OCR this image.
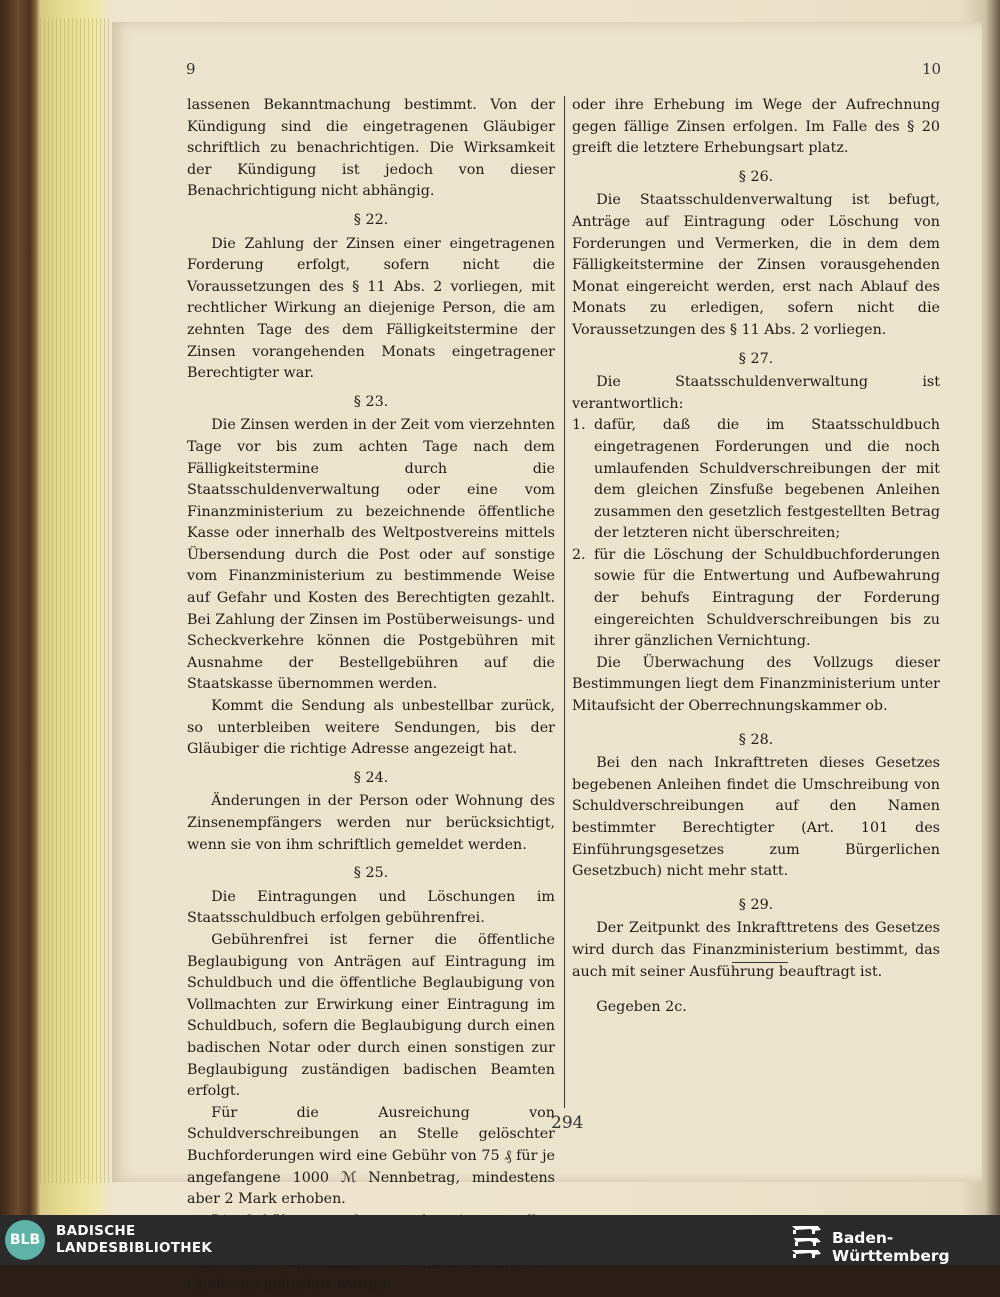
9	10

lassenen Bekanntmachung bestimmt. Von der Kündigung sind die eingetragenen Gläubiger schriftlich zu benachrichtigen. Die Wirksamkeit der Kündigung ist jedoch von dieser Benachrichtigung nicht abhängig.

§ 22.

Die Zahlung der Zinsen einer eingetragenen Forderung erfolgt, sofern nicht die Voraussetzungen des § 11 Abs. 2 vorliegen, mit rechtlicher Wirkung an diejenige Person, die am zehnten Tage des dem Fälligkeitstermine der Zinsen vorangehenden Monats eingetragener Berechtigter war.

§ 23.

Die Zinsen werden in der Zeit vom vierzehnten Tage vor bis zum achten Tage nach dem Fälligkeitstermine durch die Staatsschuldenverwaltung oder eine vom Finanzministerium zu bezeichnende öffentliche Kasse oder innerhalb des Weltpostvereins mittels Übersendung durch die Post oder auf sonstige vom Finanzministerium zu bestimmende Weise auf Gefahr und Kosten des Berechtigten gezahlt. Bei Zahlung der Zinsen im Postüberweisungs- und Scheckverkehre können die Postgebühren mit Ausnahme der Bestellgebühren auf die Staatskasse übernommen werden.

Kommt die Sendung als unbestellbar zurück, so unterbleiben weitere Sendungen, bis der Gläubiger die richtige Adresse angezeigt hat.

§ 24.

Änderungen in der Person oder Wohnung des Zinsenempfängers werden nur berücksichtigt, wenn sie von ihm schriftlich gemeldet werden.

§ 25.

Die Eintragungen und Löschungen im Staatsschuldbuch erfolgen gebührenfrei.

Gebührenfrei ist ferner die öffentliche Beglaubigung von Anträgen auf Eintragung im Schuldbuch und die öffentliche Beglaubigung von Vollmachten zur Erwirkung einer Eintragung im Schuldbuch, sofern die Beglaubigung durch einen badischen Notar oder durch einen sonstigen zur Beglaubigung zuständigen badischen Beamten erfolgt.

Für die Ausreichung von Schuldverschreibungen an Stelle gelöschter Buchforderungen wird eine Gebühr von 75 ₰ für je angefangene 1000 ℳ Nennbetrag, mindestens aber 2 Mark erhoben.

Gebühren gefordert werden

oder ihre Erhebung im Wege der Aufrechnung gegen fällige Zinsen erfolgen. Im Falle des § 20 greift die letztere Erhebungsart platz.

§ 26.

Die Staatsschuldenverwaltung ist befugt, Anträge auf Eintragung oder Löschung von Forderungen und Vermerken, die in dem dem Fälligkeitstermine der Zinsen vorausgehenden Monat eingereicht werden, erst nach Ablauf des Monats zu erledigen, sofern nicht die Voraussetzungen des § 11 Abs. 2 vorliegen.

§ 27.

Die Staatsschuldenverwaltung ist verantwortlich:

1. dafür, daß die im Staatsschuldbuch eingetragenen Forderungen und die noch umlaufenden Schuldverschreibungen der mit dem gleichen Zinsfuße begebenen Anleihen zusammen den gesetzlich festgestellten Betrag der letzteren nicht überschreiten;
2. für die Löschung der Schuldbuchforderungen sowie für die Entwertung und Aufbewahrung der behufs Eintragung der Forderung eingereichten Schuldverschreibungen bis zu ihrer gänzlichen Vernichtung.

Die Überwachung des Vollzugs dieser Bestimmungen liegt dem Finanzministerium unter Mitaufsicht der Oberrechnungskammer ob.

§ 28.

Bei den nach Inkrafttreten dieses Gesetzes begebenen Anleihen findet die Umschreibung von Schuldverschreibungen auf den Namen bestimmter Berechtigter (Art. 101 des Einführungsgesetzes zum Bürgerlichen Gesetzbuch) nicht mehr statt.

§ 29.

Der Zeitpunkt des Inkrafttretens des Gesetzes wird durch das Finanzministerium bestimmt, das auch mit seiner Ausführung beauftragt ist.

Gegeben 2c.

294
BLB
BADISCHE
LANDESBIBLIOTHEK
Baden-Württemberg
